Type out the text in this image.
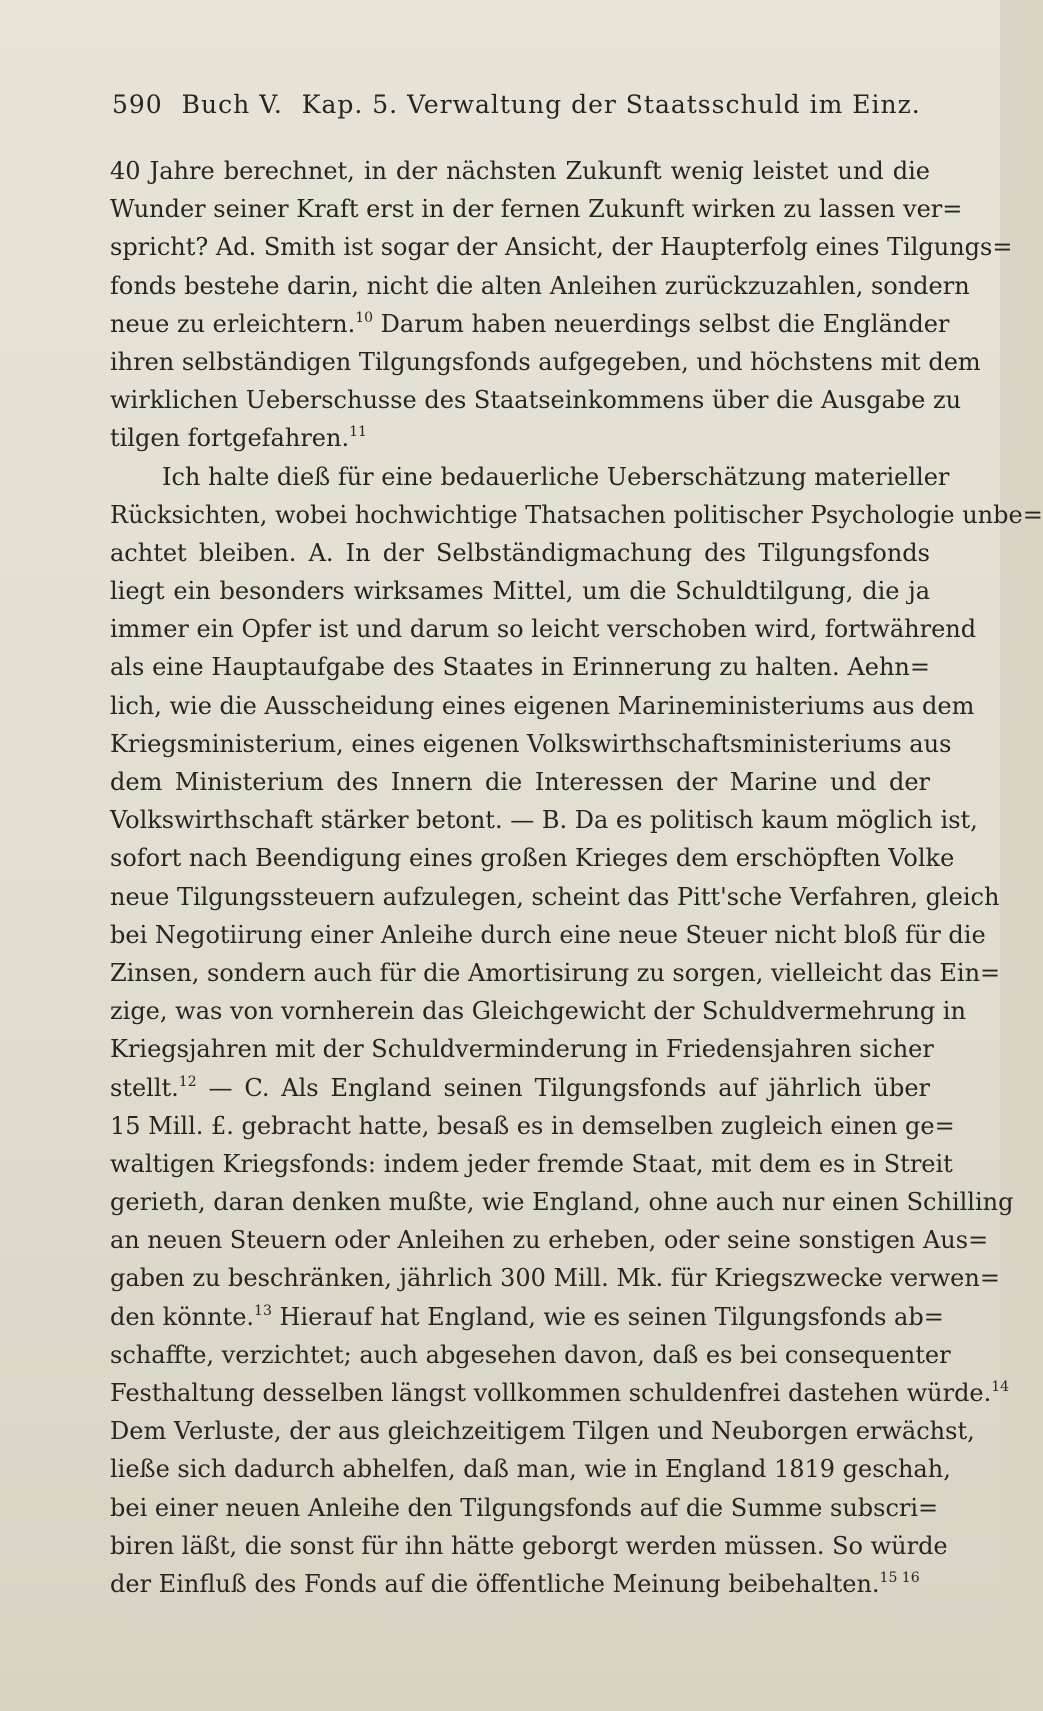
590 Buch V. Kap. 5. Verwaltung der Staatsschuld im Einz.
40 Jahre berechnet, in der nächsten Zukunft wenig leistet und die
Wunder seiner Kraft erst in der fernen Zukunft wirken zu lassen ver=
spricht? Ad. Smith ist sogar der Ansicht, der Haupterfolg eines Tilgungs=
fonds bestehe darin, nicht die alten Anleihen zurückzuzahlen, sondern
neue zu erleichtern.$^{10}$ Darum haben neuerdings selbst die Engländer
ihren selbständigen Tilgungsfonds aufgegeben, und höchstens mit dem
wirklichen Ueberschusse des Staatseinkommens über die Ausgabe zu
tilgen fortgefahren.$^{11}$
Ich halte dieß für eine bedauerliche Ueberschätzung materieller
Rücksichten, wobei hochwichtige Thatsachen politischer Psychologie unbe=
achtet bleiben. A. In der Selbständigmachung des Tilgungsfonds
liegt ein besonders wirksames Mittel, um die Schuldtilgung, die ja
immer ein Opfer ist und darum so leicht verschoben wird, fortwährend
als eine Hauptaufgabe des Staates in Erinnerung zu halten. Aehn=
lich, wie die Ausscheidung eines eigenen Marineministeriums aus dem
Kriegsministerium, eines eigenen Volkswirthschaftsministeriums aus
dem Ministerium des Innern die Interessen der Marine und der
Volkswirthschaft stärker betont. — B. Da es politisch kaum möglich ist,
sofort nach Beendigung eines großen Krieges dem erschöpften Volke
neue Tilgungssteuern aufzulegen, scheint das Pitt'sche Verfahren, gleich
bei Negotiirung einer Anleihe durch eine neue Steuer nicht bloß für die
Zinsen, sondern auch für die Amortisirung zu sorgen, vielleicht das Ein=
zige, was von vornherein das Gleichgewicht der Schuldvermehrung in
Kriegsjahren mit der Schuldverminderung in Friedensjahren sicher
stellt.$^{12}$ — C. Als England seinen Tilgungsfonds auf jährlich über
15 Mill. £. gebracht hatte, besaß es in demselben zugleich einen ge=
waltigen Kriegsfonds: indem jeder fremde Staat, mit dem es in Streit
gerieth, daran denken mußte, wie England, ohne auch nur einen Schilling
an neuen Steuern oder Anleihen zu erheben, oder seine sonstigen Aus=
gaben zu beschränken, jährlich 300 Mill. Mk. für Kriegszwecke verwen=
den könnte.$^{13}$ Hierauf hat England, wie es seinen Tilgungsfonds ab=
schaffte, verzichtet; auch abgesehen davon, daß es bei consequenter
Festhaltung desselben längst vollkommen schuldenfrei dastehen würde.$^{14}$
Dem Verluste, der aus gleichzeitigem Tilgen und Neuborgen erwächst,
ließe sich dadurch abhelfen, daß man, wie in England 1819 geschah,
bei einer neuen Anleihe den Tilgungsfonds auf die Summe subscri=
biren läßt, die sonst für ihn hätte geborgt werden müssen. So würde
der Einfluß des Fonds auf die öffentliche Meinung beibehalten.$^{15 16}$
